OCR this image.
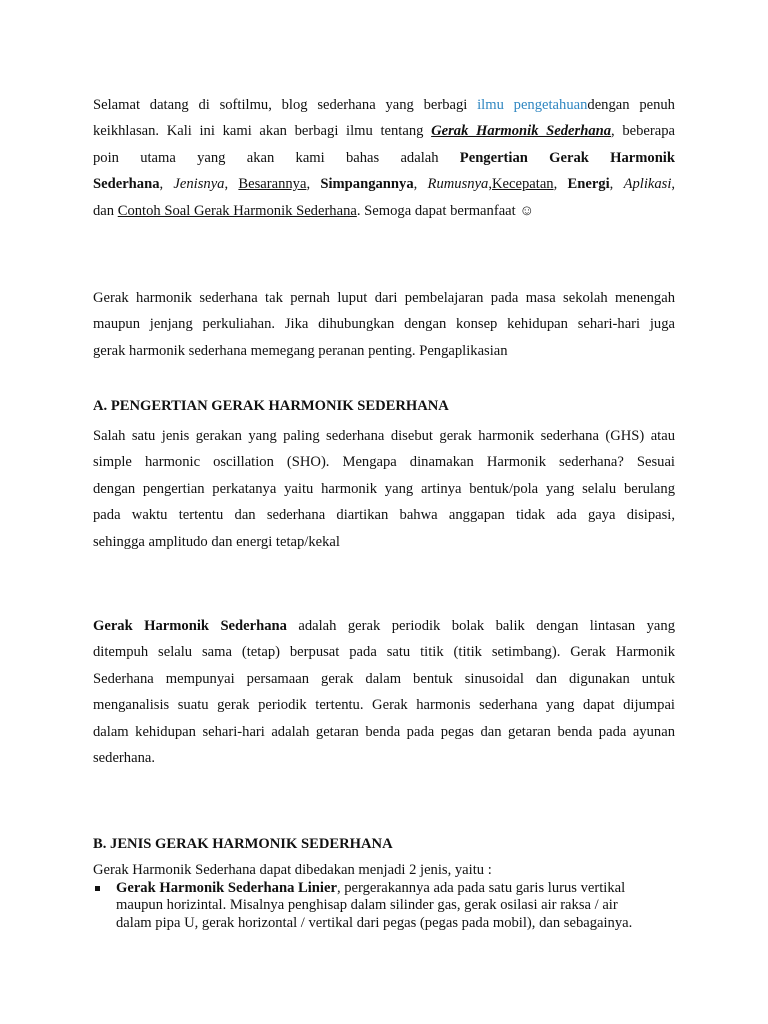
Selamat datang di softilmu, blog sederhana yang berbagi ilmu pengetahuandengan penuh
keikhlasan. Kali ini kami akan berbagi ilmu tentang Gerak Harmonik Sederhana, beberapa
poin utama yang akan kami bahas adalah Pengertian Gerak Harmonik
Sederhana, Jenisnya, Besarannya, Simpangannya, Rumusnya,Kecepatan, Energi, Aplikasi,
dan Contoh Soal Gerak Harmonik Sederhana. Semoga dapat bermanfaat ☺
Gerak harmonik sederhana tak pernah luput dari pembelajaran pada masa sekolah menengah
maupun jenjang perkuliahan. Jika dihubungkan dengan konsep kehidupan sehari-hari juga
gerak harmonik sederhana memegang peranan penting. Pengaplikasian
A. PENGERTIAN GERAK HARMONIK SEDERHANA
Salah satu jenis gerakan yang paling sederhana disebut gerak harmonik sederhana (GHS) atau
simple harmonic oscillation (SHO). Mengapa dinamakan Harmonik sederhana? Sesuai
dengan pengertian perkatanya yaitu harmonik yang artinya bentuk/pola yang selalu berulang
pada waktu tertentu dan sederhana diartikan bahwa anggapan tidak ada gaya disipasi,
sehingga amplitudo dan energi tetap/kekal
Gerak Harmonik Sederhana adalah gerak periodik bolak balik dengan lintasan yang
ditempuh selalu sama (tetap) berpusat pada satu titik (titik setimbang). Gerak Harmonik
Sederhana mempunyai persamaan gerak dalam bentuk sinusoidal dan digunakan untuk
menganalisis suatu gerak periodik tertentu. Gerak harmonis sederhana yang dapat dijumpai
dalam kehidupan sehari-hari adalah getaran benda pada pegas dan getaran benda pada ayunan
sederhana.
B. JENIS GERAK HARMONIK SEDERHANA
Gerak Harmonik Sederhana dapat dibedakan menjadi 2 jenis, yaitu :
Gerak Harmonik Sederhana Linier, pergerakannya ada pada satu garis lurus vertikal
maupun horizintal. Misalnya penghisap dalam silinder gas, gerak osilasi air raksa / air
dalam pipa U, gerak horizontal / vertikal dari pegas (pegas pada mobil), dan sebagainya.
